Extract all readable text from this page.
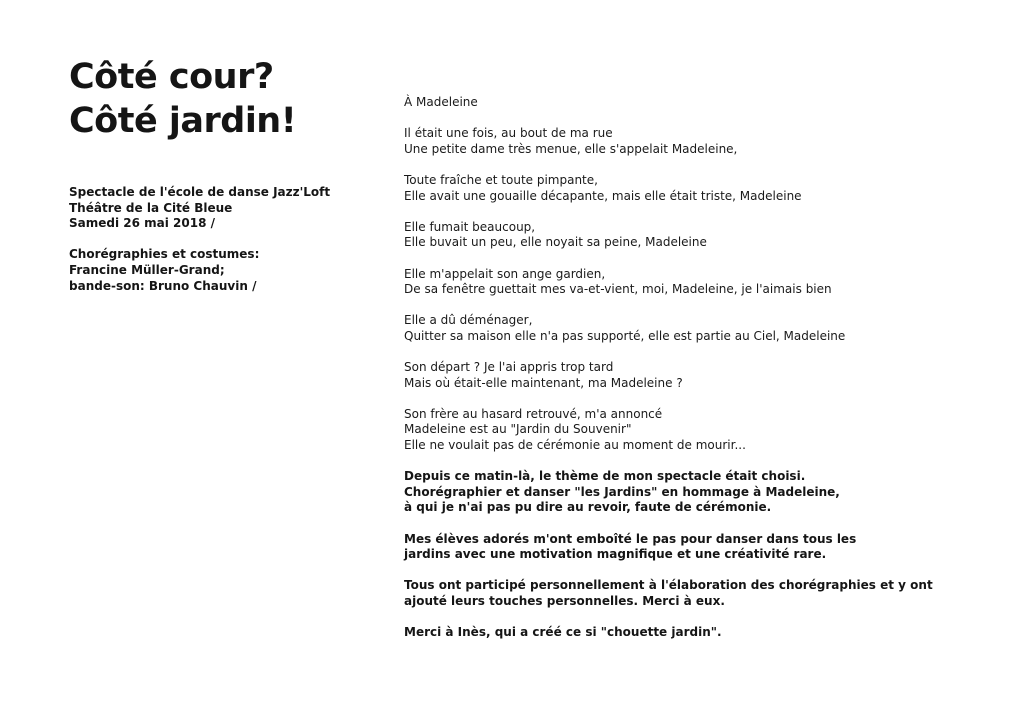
Côté cour?
Côté jardin!
Spectacle de l'école de danse Jazz'Loft
Théâtre de la Cité Bleue
Samedi 26 mai 2018 /
Chorégraphies et costumes:
Francine Müller-Grand;
bande-son: Bruno Chauvin /
À Madeleine
Il était une fois, au bout de ma rue
Une petite dame très menue, elle s'appelait Madeleine,
Toute fraîche et toute pimpante,
Elle avait une gouaille décapante, mais elle était triste, Madeleine
Elle fumait beaucoup,
Elle buvait un peu, elle noyait sa peine, Madeleine
Elle m'appelait son ange gardien,
De sa fenêtre guettait mes va-et-vient, moi, Madeleine, je l'aimais bien
Elle a dû déménager,
Quitter sa maison elle n'a pas supporté, elle est partie au Ciel, Madeleine
Son départ ? Je l'ai appris trop tard
Mais où était-elle maintenant, ma Madeleine ?
Son frère au hasard retrouvé, m'a annoncé
Madeleine est au "Jardin du Souvenir"
Elle ne voulait pas de cérémonie au moment de mourir...
Depuis ce matin-là, le thème de mon spectacle était choisi.
Chorégraphier et danser "les Jardins" en hommage à Madeleine,
à qui je n'ai pas pu dire au revoir, faute de cérémonie.
Mes élèves adorés m'ont emboîté le pas pour danser dans tous les
jardins avec une motivation magnifique et une créativité rare.
Tous ont participé personnellement à l'élaboration des chorégraphies et y ont
ajouté leurs touches personnelles. Merci à eux.
Merci à Inès, qui a créé ce si "chouette jardin".
